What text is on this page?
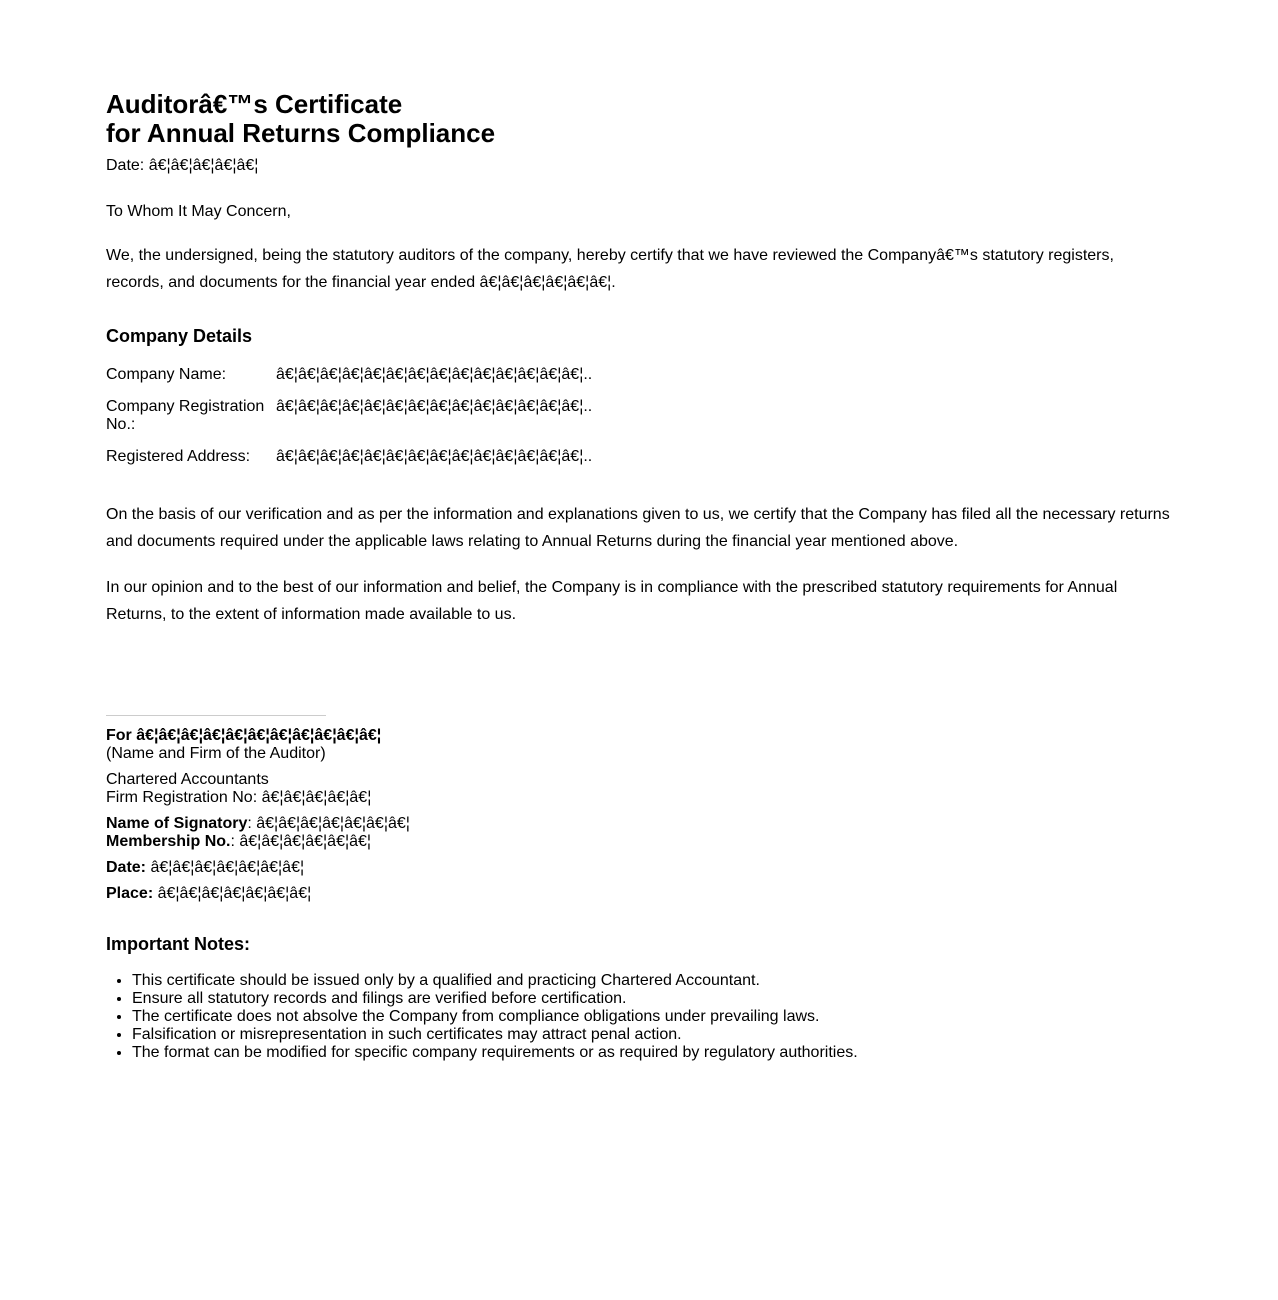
Auditorâ€™s Certificate
for Annual Returns Compliance

Date: â€¦â€¦â€¦â€¦â€¦

To Whom It May Concern,

We, the undersigned, being the statutory auditors of the company, hereby certify that we have reviewed the Companyâ€™s statutory registers, records, and documents for the financial year ended â€¦â€¦â€¦â€¦â€¦â€¦.

Company Details
Company Name:	â€¦â€¦â€¦â€¦â€¦â€¦â€¦â€¦â€¦â€¦â€¦â€¦â€¦â€¦..
Company Registration No.:	â€¦â€¦â€¦â€¦â€¦â€¦â€¦â€¦â€¦â€¦â€¦â€¦â€¦â€¦..
Registered Address:	â€¦â€¦â€¦â€¦â€¦â€¦â€¦â€¦â€¦â€¦â€¦â€¦â€¦â€¦..

On the basis of our verification and as per the information and explanations given to us, we certify that the Company has filed all the necessary returns and documents required under the applicable laws relating to Annual Returns during the financial year mentioned above.

In our opinion and to the best of our information and belief, the Company is in compliance with the prescribed statutory requirements for Annual Returns, to the extent of information made available to us.

For â€¦â€¦â€¦â€¦â€¦â€¦â€¦â€¦â€¦â€¦â€¦

(Name and Firm of the Auditor)

Chartered Accountants

Firm Registration No: â€¦â€¦â€¦â€¦â€¦

Name of Signatory: â€¦â€¦â€¦â€¦â€¦â€¦â€¦

Membership No.: â€¦â€¦â€¦â€¦â€¦â€¦

Date: â€¦â€¦â€¦â€¦â€¦â€¦â€¦

Place: â€¦â€¦â€¦â€¦â€¦â€¦â€¦

Important Notes:
• This certificate should be issued only by a qualified and practicing Chartered Accountant.
• Ensure all statutory records and filings are verified before certification.
• The certificate does not absolve the Company from compliance obligations under prevailing laws.
• Falsification or misrepresentation in such certificates may attract penal action.
• The format can be modified for specific company requirements or as required by regulatory authorities.
